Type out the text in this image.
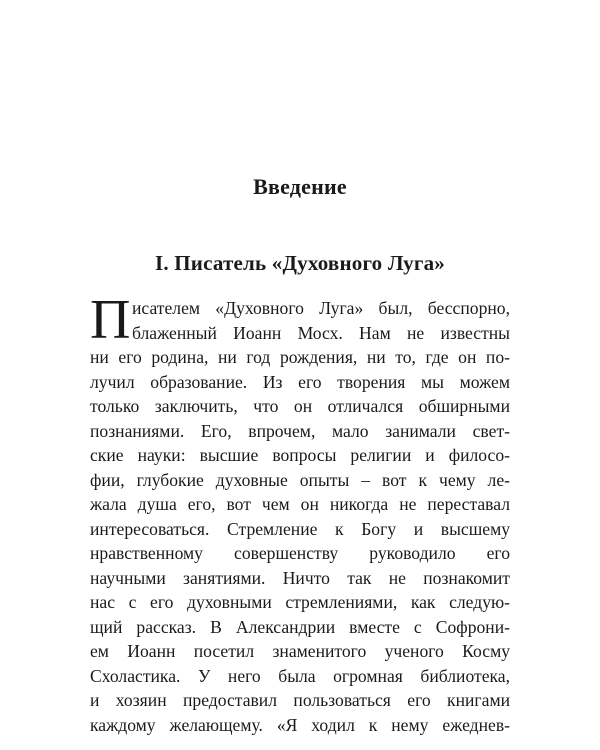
Введение
I. Писатель «Духовного Луга»
П исателем «Духовного Луга» был, бесспорно,
блаженный Иоанн Мосх. Нам не известны
ни его родина, ни год рождения, ни то, где он по-
лучил образование. Из его творения мы можем
только заключить, что он отличался обширными
познаниями. Его, впрочем, мало занимали свет-
ские науки: высшие вопросы религии и филосо-
фии, глубокие духовные опыты – вот к чему ле-
жала душа его, вот чем он никогда не переставал
интересоваться. Стремление к Богу и высшему
нравственному совершенству руководило его
научными занятиями. Ничто так не познакомит
нас с его духовными стремлениями, как следую-
щий рассказ. В Александрии вместе с Софрони-
ем Иоанн посетил знаменитого ученого Косму
Схоластика. У него была огромная библиотека,
и хозяин предоставил пользоваться его книгами
каждому желающему. «Я ходил к нему ежеднев-
